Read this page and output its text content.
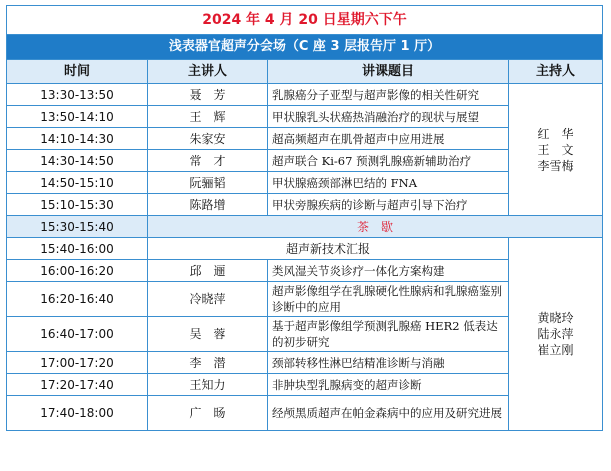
2024 年 4 月 20 日星期六下午			
浅表器官超声分会场（C 座 3 层报告厅 1 厅）			
时间	主讲人	讲课题目	主持人
13:30-13:50	聂　芳	乳腺癌分子亚型与超声影像的相关性研究	红　华
王　文
李雪梅

13:50-14:10	王　辉	甲状腺乳头状癌热消融治疗的现状与展望	
14:10-14:30	朱家安	超高频超声在肌骨超声中应用进展	
14:30-14:50	常　才	超声联合 Ki-67 预测乳腺癌新辅助治疗	
14:50-15:10	阮骊韬	甲状腺癌颈部淋巴结的 FNA	
15:10-15:30	陈路增	甲状旁腺疾病的诊断与超声引导下治疗	
15:30-15:40	茶　歇		
15:40-16:00	超声新技术汇报		黄晓玲
陆永萍
崔立刚

16:00-16:20	邱　逦	类风湿关节炎诊疗一体化方案构建	
16:20-16:40	冷晓萍	超声影像组学在乳腺硬化性腺病和乳腺癌鉴别诊断中的应用	
16:40-17:00	吴　蓉	基于超声影像组学预测乳腺癌 HER2 低表达的初步研究	
17:00-17:20	李　潜	颈部转移性淋巴结精准诊断与消融	
17:20-17:40	王知力	非肿块型乳腺病变的超声诊断	
17:40-18:00	广　旸	经颅黑质超声在帕金森病中的应用及研究进展	
